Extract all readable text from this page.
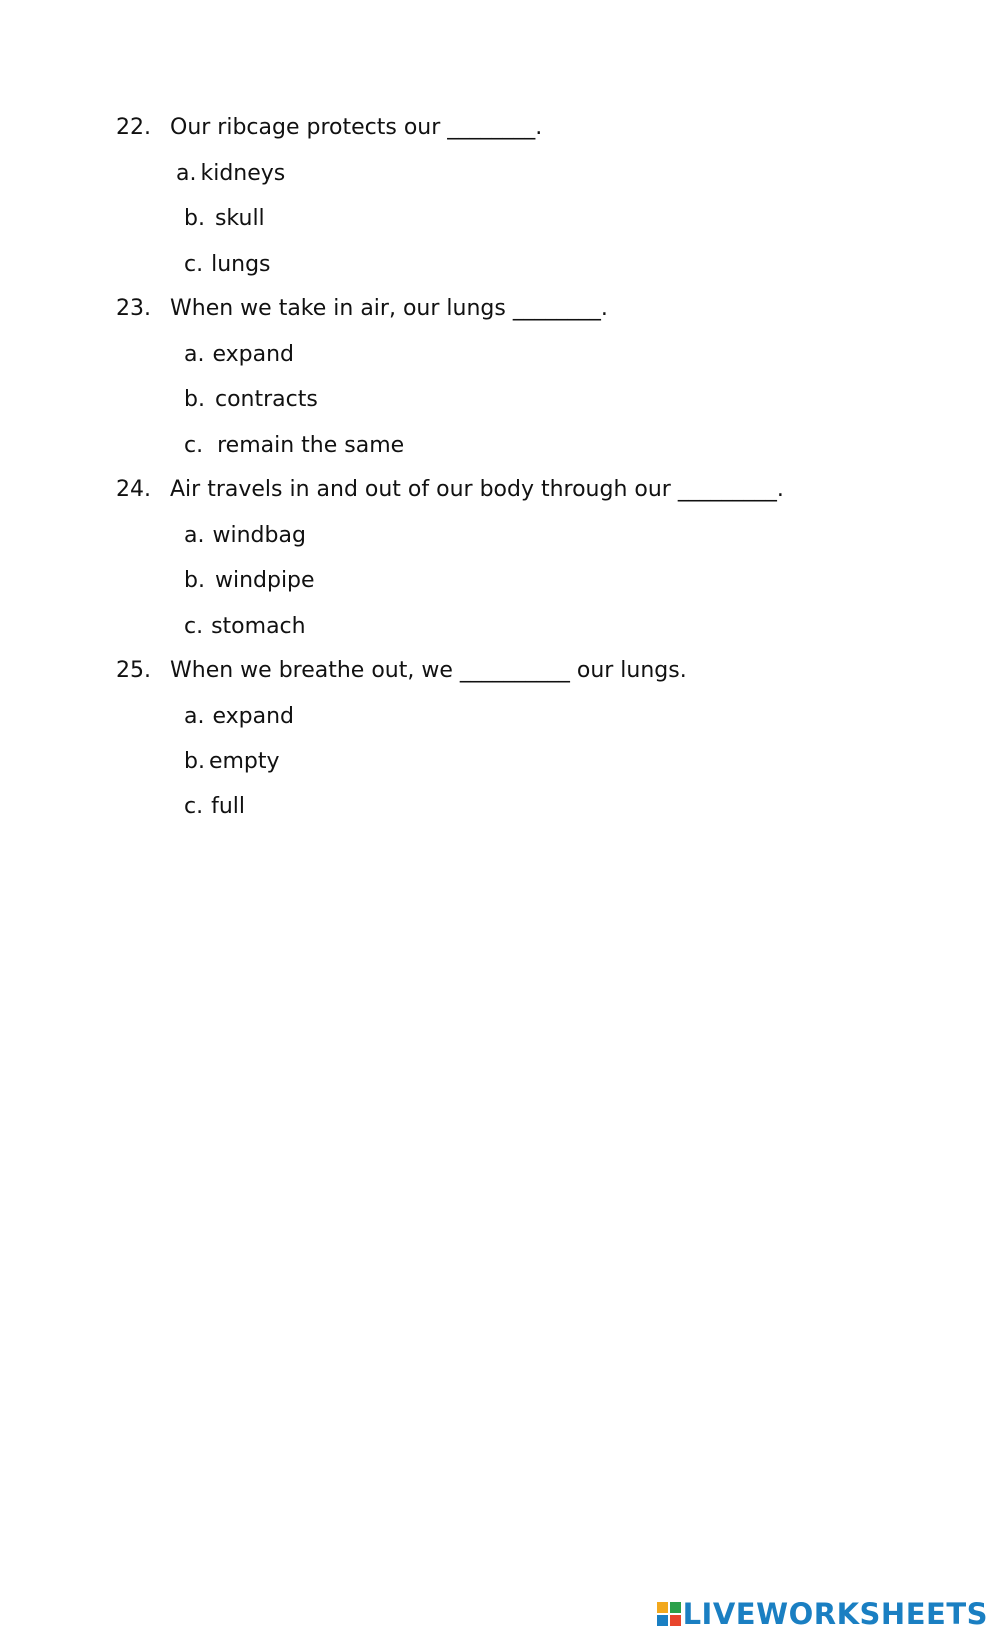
22. Our ribcage protects our ________.
a. kidneys
b. skull
c. lungs
23. When we take in air, our lungs ________.
a. expand
b. contracts
c. remain the same
24. Air travels in and out of our body through our _________.
a. windbag
b. windpipe
c. stomach
25. When we breathe out, we __________ our lungs.
a. expand
b. empty
c. full
LIVEWORKSHEETS
